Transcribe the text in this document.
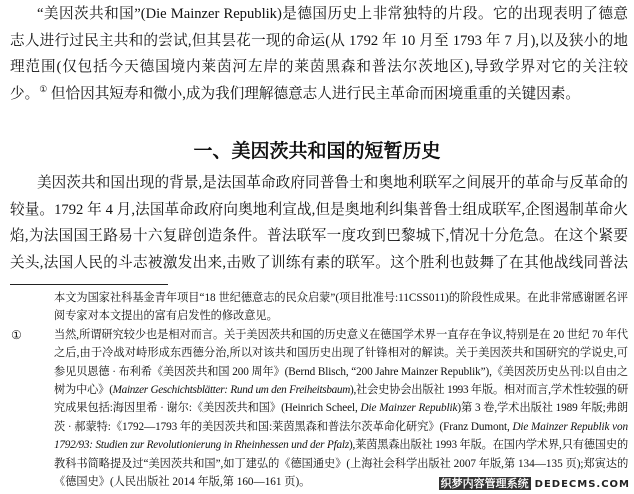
“美因茨共和国”(Die Mainzer Republik)是德国历史上非常独特的片段。它的出现表明了德意
志人进行过民主共和的尝试,但其昙花一现的命运(从 1792 年 10 月至 1793 年 7 月),以及狭小的地
理范围(仅包括今天德国境内莱茵河左岸的莱茵黑森和普法尔茨地区),导致学界对它的关注较
少。① 但恰因其短寿和微小,成为我们理解德意志人进行民主革命而困境重重的关键因素。
一、美因茨共和国的短暂历史
美因茨共和国出现的背景,是法国革命政府同普鲁士和奥地利联军之间展开的革命与反革命的
较量。1792 年 4 月,法国革命政府向奥地利宣战,但是奥地利纠集普鲁士组成联军,企图遏制革命火
焰,为法国国王路易十六复辟创造条件。普法联军一度攻到巴黎城下,情况十分危急。在这个紧要
关头,法国人民的斗志被激发出来,击败了训练有素的联军。这个胜利也鼓舞了在其他战线同普法
①
本文为国家社科基金青年项目“18 世纪德意志的民众启蒙”(项目批准号:11CSS011)的阶段性成果。在此非常感谢匿名评
阅专家对本文提出的富有启发性的修改意见。
当然,所谓研究较少也是相对而言。关于美因茨共和国的历史意义在德国学术界一直存在争议,特别是在 20 世纪 70 年代
之后,由于冷战对峙形成东西德分治,所以对该共和国历史出现了针锋相对的解读。关于美因茨共和国研究的学说史,可
参见贝恩德 · 布利希《美因茨共和国 200 周年》(Bernd Blisch, “200 Jahre Mainzer Republik”),《美因茨历史丛刊:以自由之
树为中心》(Mainzer Geschichtsblätter: Rund um den Freiheitsbaum),社会史协会出版社 1993 年版。相对而言,学术性较强的研
究成果包括:海因里希 · 谢尔:《美因茨共和国》(Heinrich Scheel, Die Mainzer Republik)第 3 卷,学术出版社 1989 年版;弗朗
茨 · 郝蒙特:《1792—1793 年的美因茨共和国:莱茵黑森和普法尔茨革命化研究》(Franz Dumont, Die Mainzer Republik von
1792/93: Studien zur Revolutionierung in Rheinhessen und der Pfalz),莱茵黑森出版社 1993 年版。在国内学术界,只有德国史的
教科书简略提及过“美因茨共和国”,如丁建弘的《德国通史》(上海社会科学出版社 2007 年版,第 134—135 页);郑寅达的
《德国史》(人民出版社 2014 年版,第 160—161 页)。	织梦内容管理系统 DEDECMS.COM
